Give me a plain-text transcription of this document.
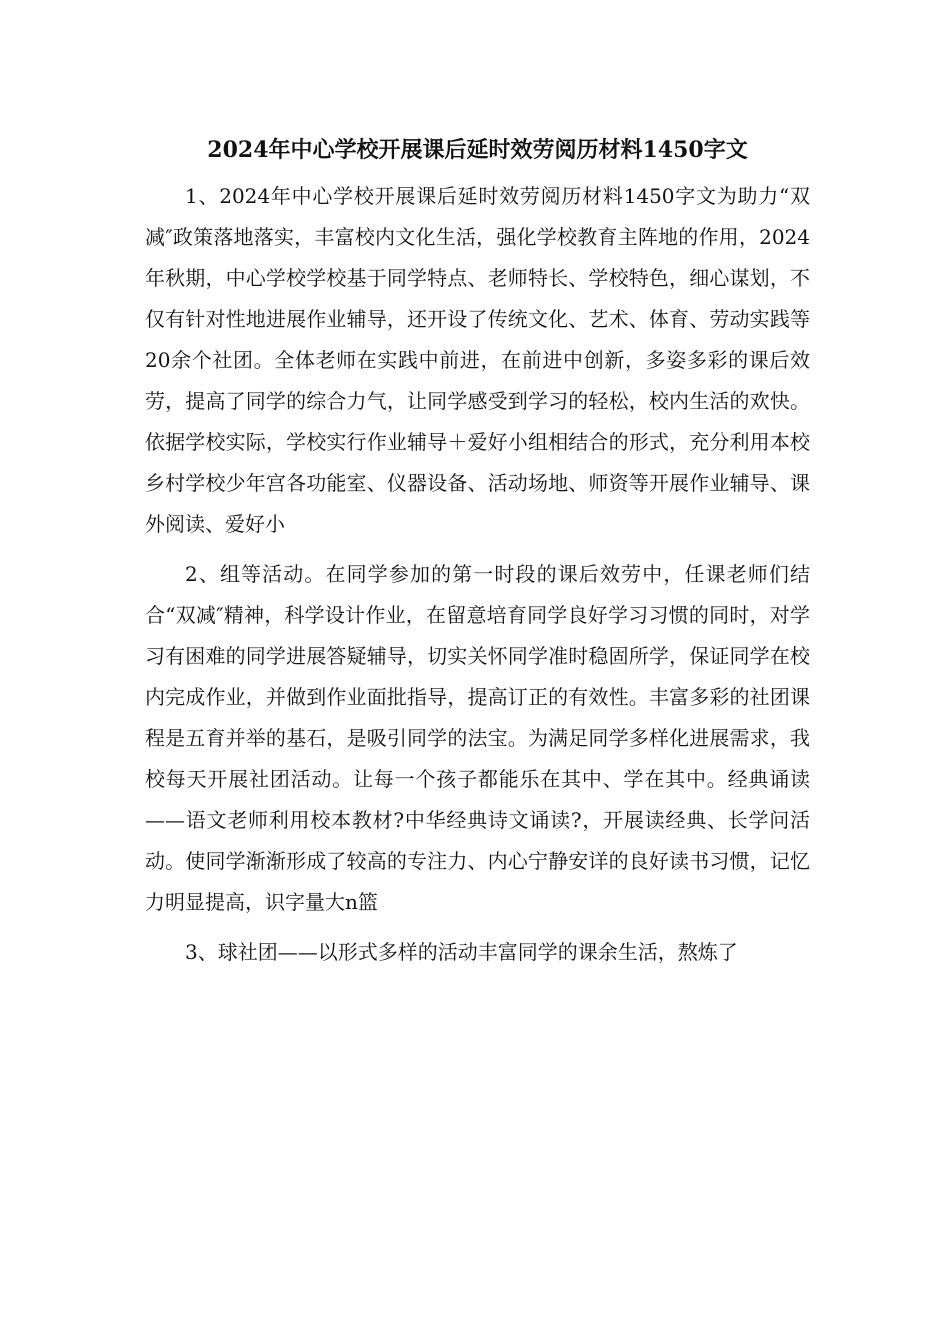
2024年中心学校开展课后延时效劳阅历材料1450字文

1、2024年中心学校开展课后延时效劳阅历材料1450字文为助力“双减″政策落地落实，丰富校内文化生活，强化学校教育主阵地的作用，2024年秋期，中心学校学校基于同学特点、老师特长、学校特色，细心谋划，不仅有针对性地进展作业辅导，还开设了传统文化、艺术、体育、劳动实践等20余个社团。全体老师在实践中前进，在前进中创新，多姿多彩的课后效劳，提高了同学的综合力气，让同学感受到学习的轻松，校内生活的欢快。依据学校实际，学校实行作业辅导＋爱好小组相结合的形式，充分利用本校乡村学校少年宫各功能室、仪器设备、活动场地、师资等开展作业辅导、课外阅读、爱好小

2、组等活动。在同学参加的第一时段的课后效劳中，任课老师们结合“双减″精神，科学设计作业，在留意培育同学良好学习习惯的同时，对学习有困难的同学进展答疑辅导，切实关怀同学准时稳固所学，保证同学在校内完成作业，并做到作业面批指导，提高订正的有效性。丰富多彩的社团课程是五育并举的基石，是吸引同学的法宝。为满足同学多样化进展需求，我校每天开展社团活动。让每一个孩子都能乐在其中、学在其中。经典诵读——语文老师利用校本教材?中华经典诗文诵读?，开展读经典、长学问活动。使同学渐渐形成了较高的专注力、内心宁静安详的良好读书习惯，记忆力明显提高，识字量大n篮

3、球社团——以形式多样的活动丰富同学的课余生活，熬炼了
